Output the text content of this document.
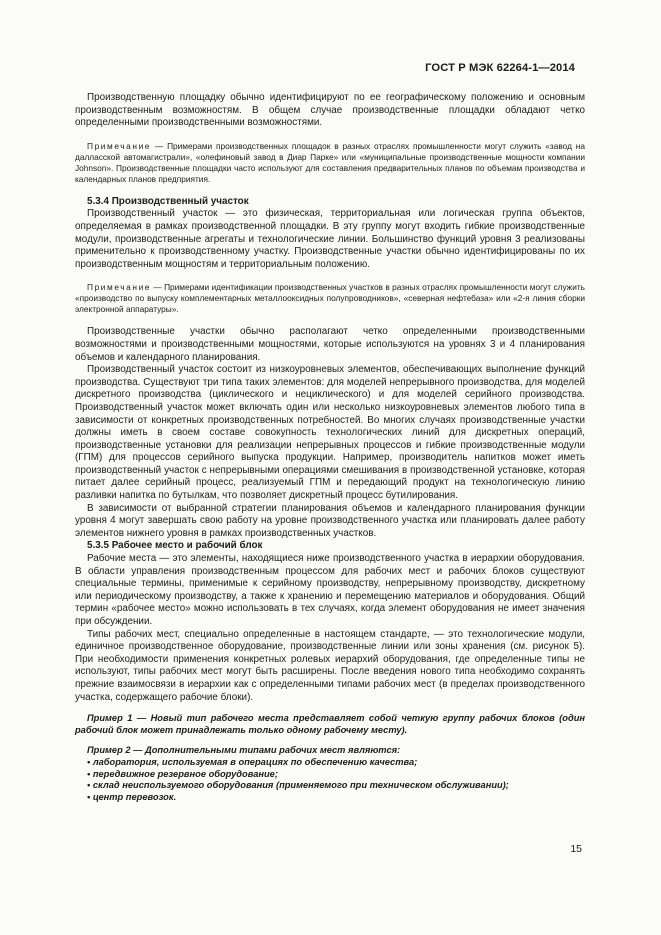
ГОСТ Р МЭК 62264-1—2014

Производственную площадку обычно идентифицируют по ее географическому положению и основным производственным возможностям. В общем случае производственные площадки обладают четко определенными производственными возможностями.

Примечание — Примерами производственных площадок в разных отраслях промышленности могут служить «завод на далласской автомагистрали», «олефиновый завод в Диар Парке» или «муниципальные производственные мощности компании Johnson». Производственные площадки часто используют для составления предварительных планов по объемам производства и календарных планов предприятия.

5.3.4 Производственный участок

Производственный участок — это физическая, территориальная или логическая группа объектов, определяемая в рамках производственной площадки. В эту группу могут входить гибкие производственные модули, производственные агрегаты и технологические линии. Большинство функций уровня 3 реализованы применительно к производственному участку. Производственные участки обычно идентифицированы по их производственным мощностям и территориальным положению.

Примечание — Примерами идентификации производственных участков в разных отраслях промышленности могут служить «производство по выпуску комплементарных металлооксидных полупроводников», «северная нефтебаза» или «2-я линия сборки электронной аппаратуры».

Производственные участки обычно располагают четко определенными производственными возможностями и производственными мощностями, которые используются на уровнях 3 и 4 планирования объемов и календарного планирования.

Производственный участок состоит из низкоуровневых элементов, обеспечивающих выполнение функций производства. Существуют три типа таких элементов: для моделей непрерывного производства, для моделей дискретного производства (циклического и нециклического) и для моделей серийного производства. Производственный участок может включать один или несколько низкоуровневых элементов любого типа в зависимости от конкретных производственных потребностей. Во многих случаях производственные участки должны иметь в своем составе совокупность технологических линий для дискретных операций, производственные установки для реализации непрерывных процессов и гибкие производственные модули (ГПМ) для процессов серийного выпуска продукции. Например, производитель напитков может иметь производственный участок с непрерывными операциями смешивания в производственной установке, которая питает далее серийный процесс, реализуемый ГПМ и передающий продукт на технологическую линию разливки напитка по бутылкам, что позволяет дискретный процесс бутилирования.

В зависимости от выбранной стратегии планирования объемов и календарного планирования функции уровня 4 могут завершать свою работу на уровне производственного участка или планировать далее работу элементов нижнего уровня в рамках производственных участков.

5.3.5 Рабочее место и рабочий блок

Рабочие места — это элементы, находящиеся ниже производственного участка в иерархии оборудования. В области управления производственным процессом для рабочих мест и рабочих блоков существуют специальные термины, применимые к серийному производству, непрерывному производству, дискретному или периодическому производству, а также к хранению и перемещению материалов и оборудования. Общий термин «рабочее место» можно использовать в тех случаях, когда элемент оборудования не имеет значения при обсуждении.

Типы рабочих мест, специально определенные в настоящем стандарте, — это технологические модули, единичное производственное оборудование, производственные линии или зоны хранения (см. рисунок 5). При необходимости применения конкретных ролевых иерархий оборудования, где определенные типы не используют, типы рабочих мест могут быть расширены. После введения нового типа необходимо сохранять прежние взаимосвязи в иерархии как с определенными типами рабочих мест (в пределах производственного участка, содержащего рабочие блоки).

Пример 1 — Новый тип рабочего места представляет собой четкую группу рабочих блоков (один рабочий блок может принадлежать только одному рабочему месту).

Пример 2 — Дополнительными типами рабочих мест являются:

• лаборатория, используемая в операциях по обеспечению качества;

• передвижное резервное оборудование;

• склад неиспользуемого оборудования (применяемого при техническом обслуживании);

• центр перевозок.

15
